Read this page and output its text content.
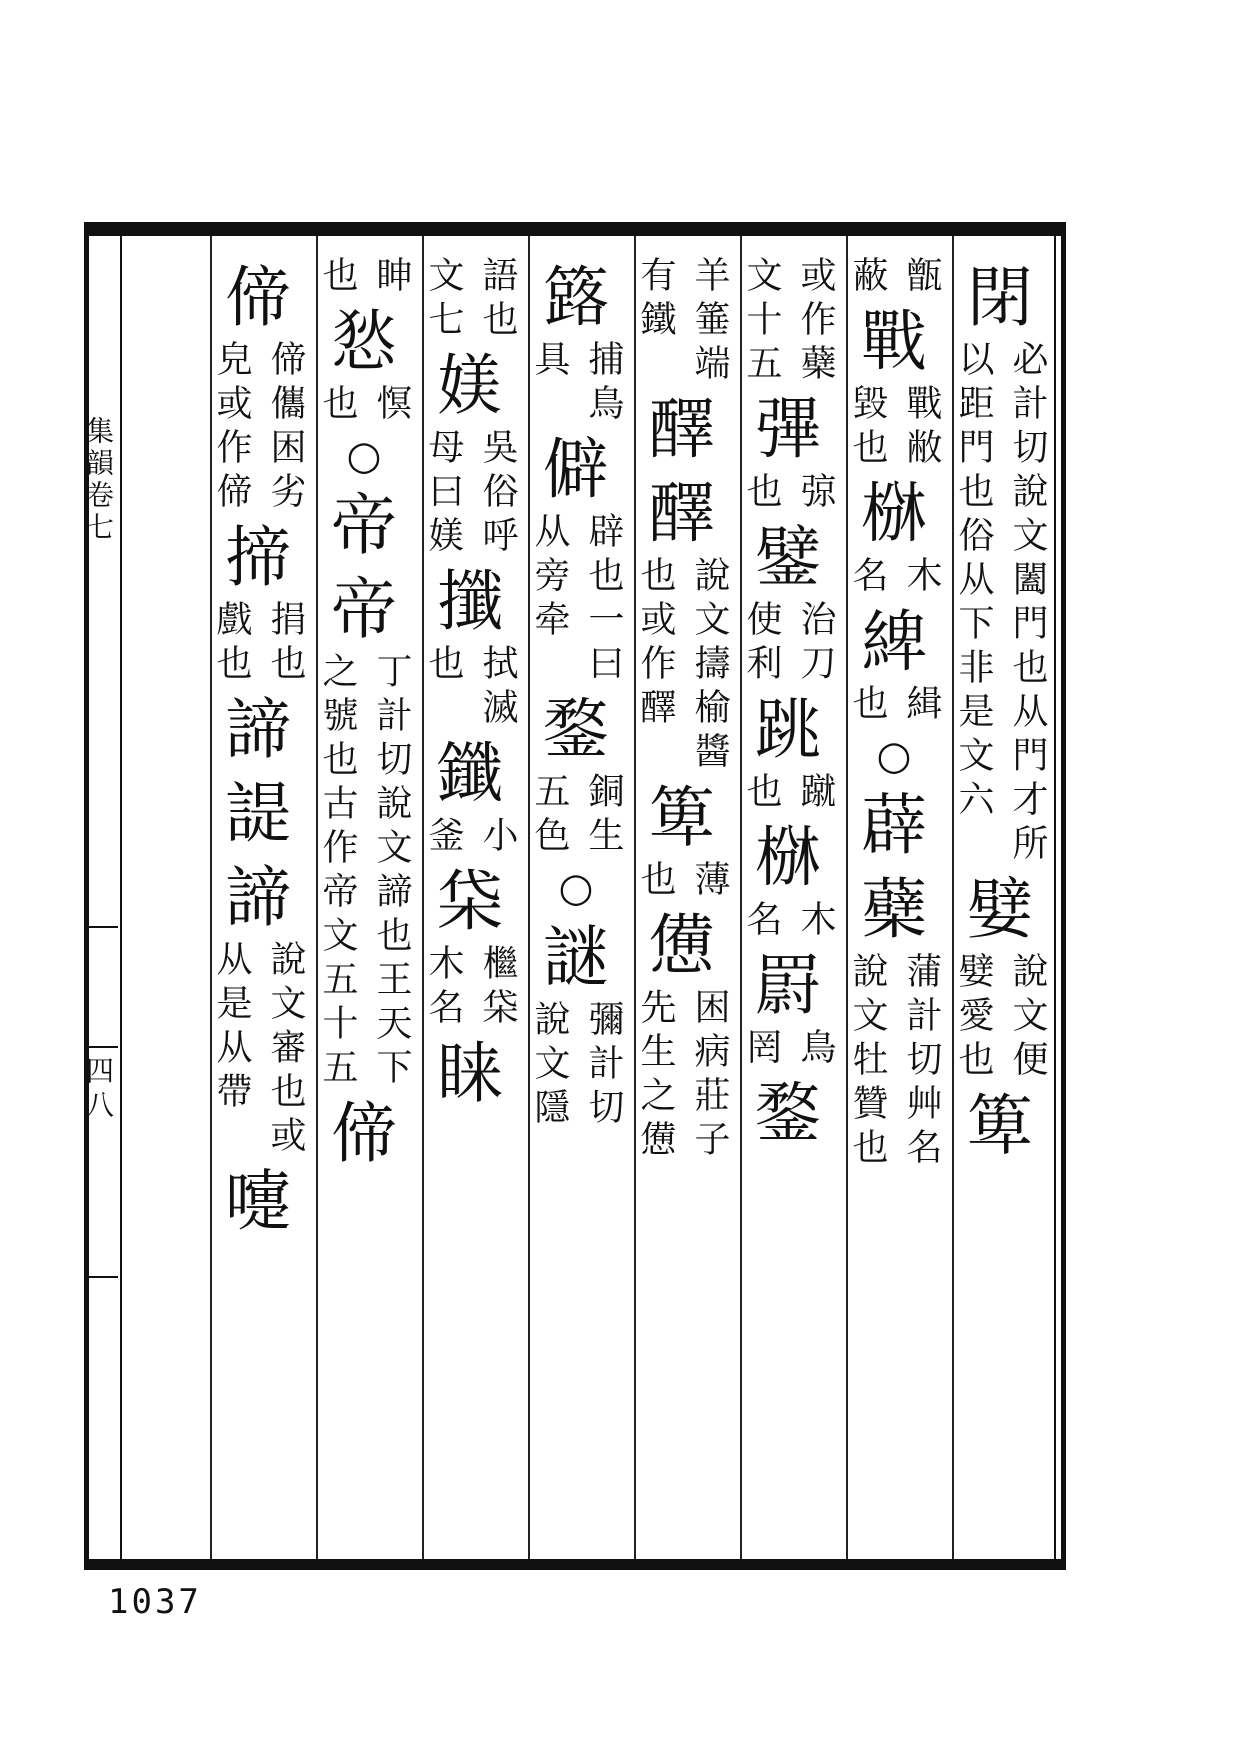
集韻卷七
四八
閉
必計切說文闔門也从門才所
以距門也俗从下非是文六
嬖
說文便
嬖愛也
箄
甑
蔽
戰
戰敝
毀也
椕
木
名
綼
緝
也
○
薜
蘗
蒲計切艸名
說文牡贊也
或作蘗
文十五
彃
弶
也
鐾
治刀
使利
跳
蹴
也
椕
木
名
罻
鳥
罔
鍪
羊箠端
有鐵
醳
醳
說文擣榆醬
也或作醳
箄
薄
也
憊
困病莊子
先生之憊
簬
捕鳥
具
僻
辟也一曰
从旁牵
鍪
銅生
五色
○
謎
彌計切
說文隱
語也
文七
媄
吳俗呼
母曰媄
攕
拭滅
也
鑯
小
釜
柋
檵柋
木名
睐
眒
也
悐
慏
也
○
帝
帝
丁計切說文諦也王天下
之號也古作帝文五十五
偙
偙
偙儶困劣
皃或作偙
揥
捐也
戲也
諦
諟
諦
說文審也或
从是从帶
嚏
1037
